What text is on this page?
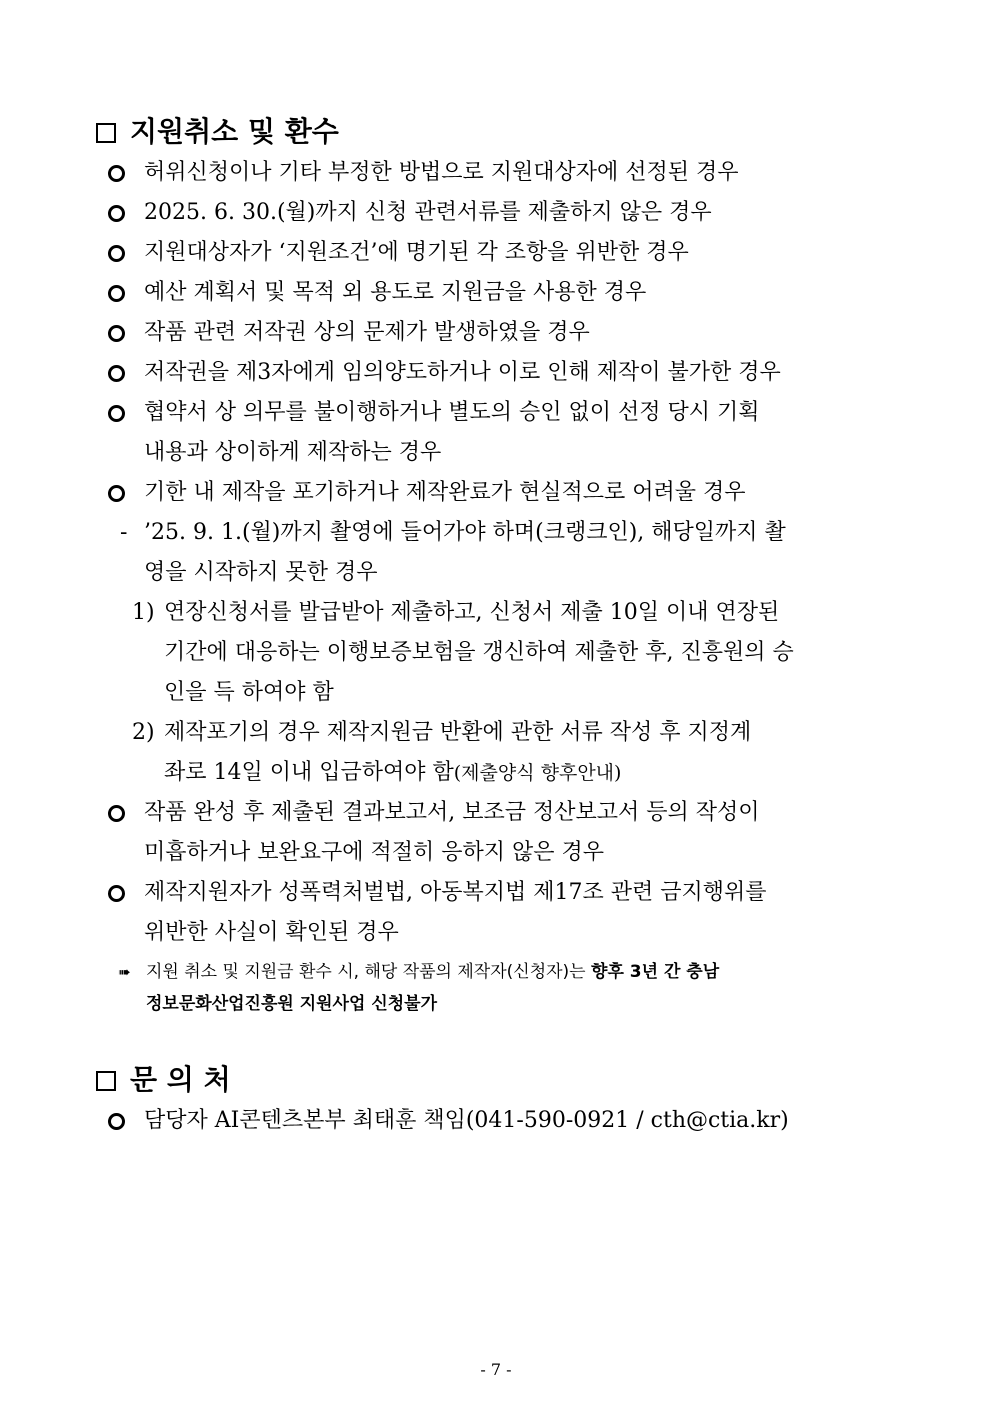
지원취소 및 환수
허위신청이나 기타 부정한 방법으로 지원대상자에 선정된 경우
2025. 6. 30.(월)까지 신청 관련서류를 제출하지 않은 경우
지원대상자가 ‘지원조건’에 명기된 각 조항을 위반한 경우
예산 계획서 및 목적 외 용도로 지원금을 사용한 경우
작품 관련 저작권 상의 문제가 발생하였을 경우
저작권을 제3자에게 임의양도하거나 이로 인해 제작이 불가한 경우
협약서 상 의무를 불이행하거나 별도의 승인 없이 선정 당시 기획
내용과 상이하게 제작하는 경우
기한 내 제작을 포기하거나 제작완료가 현실적으로 어려울 경우
- ’25. 9. 1.(월)까지 촬영에 들어가야 하며(크랭크인), 해당일까지 촬
영을 시작하지 못한 경우
1) 연장신청서를 발급받아 제출하고, 신청서 제출 10일 이내 연장된
기간에 대응하는 이행보증보험을 갱신하여 제출한 후, 진흥원의 승
인을 득 하여야 함
2) 제작포기의 경우 제작지원금 반환에 관한 서류 작성 후 지정계
좌로 14일 이내 입금하여야 함(제출양식 향후안내)
작품 완성 후 제출된 결과보고서, 보조금 정산보고서 등의 작성이
미흡하거나 보완요구에 적절히 응하지 않은 경우
제작지원자가 성폭력처벌법, 아동복지법 제17조 관련 금지행위를
위반한 사실이 확인된 경우
➠ 지원 취소 및 지원금 환수 시, 해당 작품의 제작자(신청자)는 향후 3년 간 충남
정보문화산업진흥원 지원사업 신청불가
문 의 처
담당자 AI콘텐츠본부 최태훈 책임(041-590-0921 / cth@ctia.kr)
- 7 -
